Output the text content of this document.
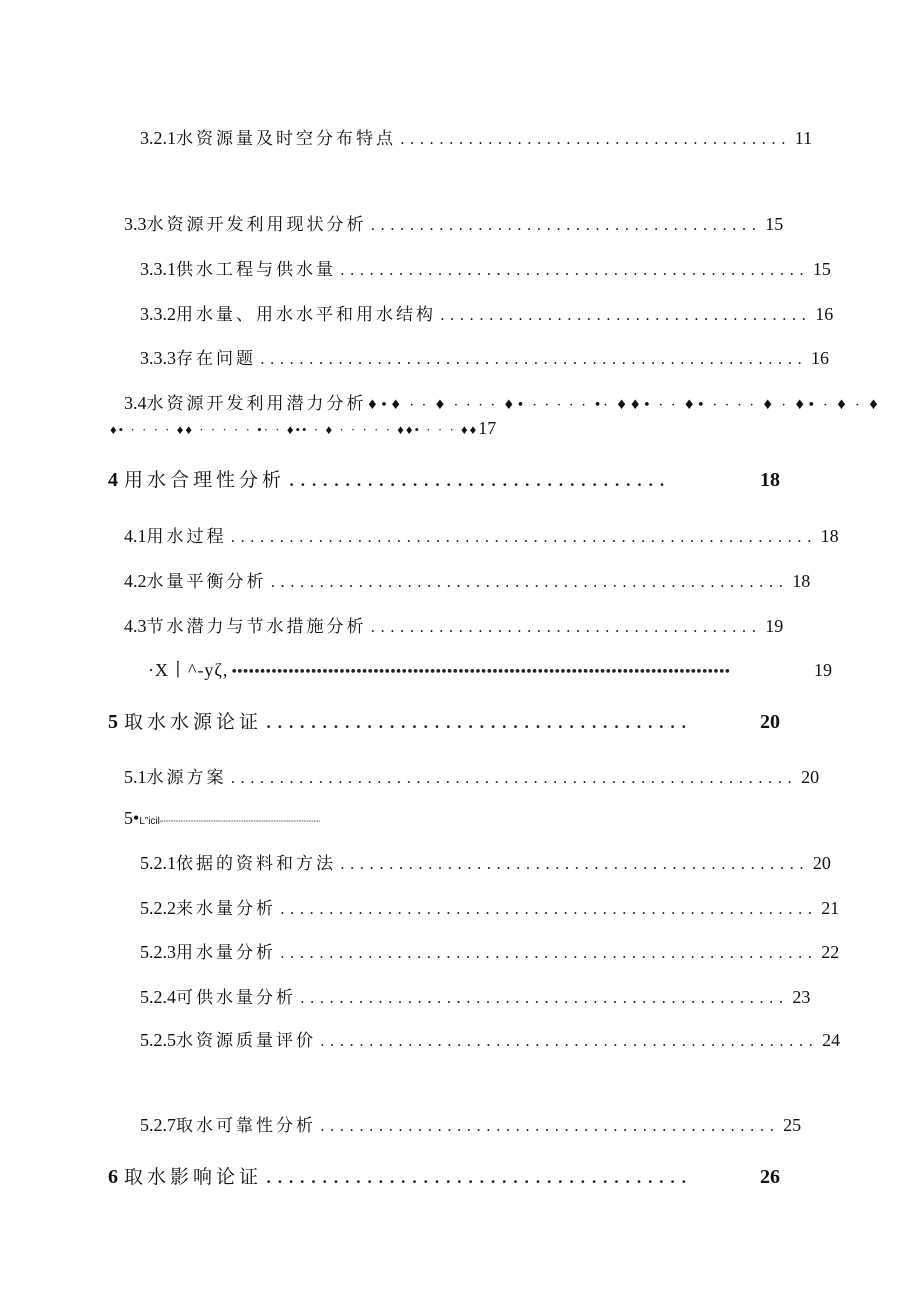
3.2.1 水资源量及时空分布特点 ........................................ 11
3.3 水资源开发利用现状分析 ........................................ 15
3.3.1 供水工程与供水量 ................................................ 15
3.3.2 用水量、用水水平和用水结构 ...................................... 16
3.3.3 存在问题 ........................................................ 16
3.4 水资源开发利用潜力分析 ♦•♦ · · ♦ · · · · ♦• · · · · · •· ♦♦• · · ♦• · · · · ♦ · ♦• · ♦ · ♦
♦• · · · · ♦♦ · · · · · •· · ♦•• · ♦ · · · · · ♦♦• · · · ♦♦17
4 用水合理性分析 ..................................	18
4.1 用水过程 ............................................................ 18
4.2 水量平衡分析 ..................................................... 18
4.3 节水潜力与节水措施分析 ........................................ 19
·X丨^-yζ, ••••••••••••••••••••••••••••••••••••••••••••••••••••••••••••••••••••••••••••••••••••••••	19
5 取水水源论证 ......................................	20
5.1 水源方案 .......................................................... 20
5• L”icil- ······························································································
5.2.1 依据的资料和方法 ................................................ 20
5.2.2 来水量分析 ....................................................... 21
5.2.3 用水量分析 ....................................................... 22
5.2.4 可供水量分析 .................................................. 23
5.2.5 水资源质量评价 ................................................... 24
5.2.7 取水可靠性分析 ............................................... 25
6 取水影响论证 ......................................	26
